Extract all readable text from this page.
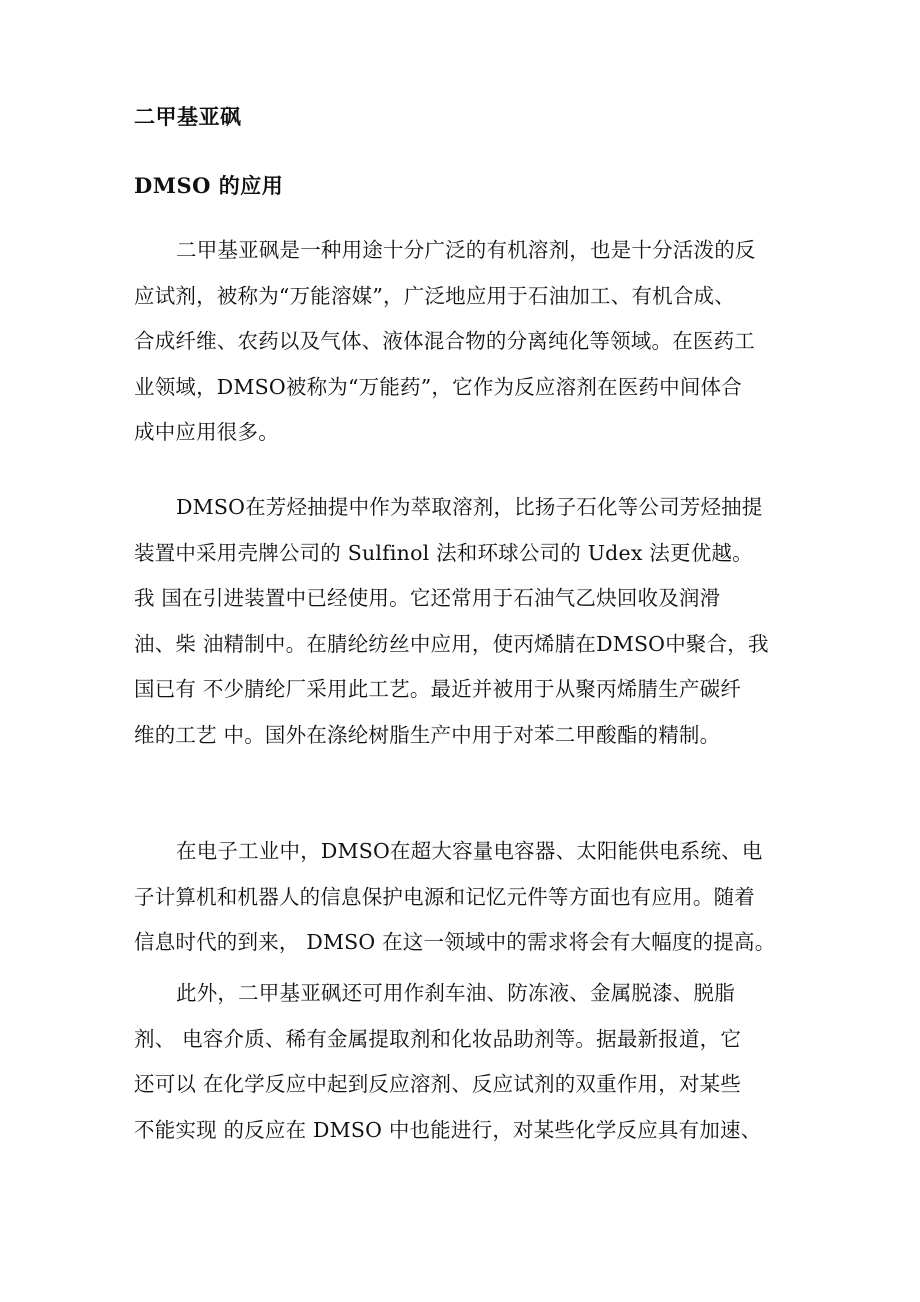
二甲基亚砜
DMSO 的应用
二甲基亚砜是一种用途十分广泛的有机溶剂，也是十分活泼的反
应试剂，被称为“万能溶媒”，广泛地应用于石油加工、有机合成、
合成纤维、农药以及气体、液体混合物的分离纯化等领域。在医药工
业领域，DMSO被称为“万能药”，它作为反应溶剂在医药中间体合
成中应用很多。
DMSO在芳烃抽提中作为萃取溶剂，比扬子石化等公司芳烃抽提
装置中采用壳牌公司的 Sulfinol 法和环球公司的 Udex 法更优越。
我 国在引进装置中已经使用。它还常用于石油气乙炔回收及润滑
油、柴 油精制中。在腈纶纺丝中应用，使丙烯腈在DMSO中聚合，我
国已有 不少腈纶厂采用此工艺。最近并被用于从聚丙烯腈生产碳纤
维的工艺 中。国外在涤纶树脂生产中用于对苯二甲酸酯的精制。
在电子工业中，DMSO在超大容量电容器、太阳能供电系统、电
子计算机和机器人的信息保护电源和记忆元件等方面也有应用。随着
信息时代的到来， DMSO 在这一领域中的需求将会有大幅度的提高。
此外，二甲基亚砜还可用作刹车油、防冻液、金属脱漆、脱脂
剂、 电容介质、稀有金属提取剂和化妆品助剂等。据最新报道，它
还可以 在化学反应中起到反应溶剂、反应试剂的双重作用，对某些
不能实现 的反应在 DMSO 中也能进行，对某些化学反应具有加速、
